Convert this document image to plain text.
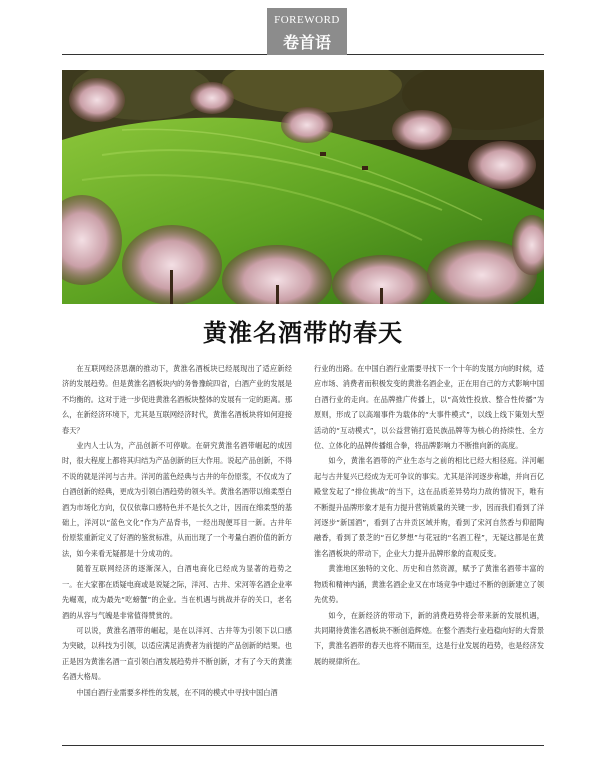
FOREWORD
卷首语
黄淮名酒带的春天

在互联网经济思潮的推动下，黄淮名酒板块已经展现出了适应新经济的发展趋势。但是黄淮名酒板块内的务鲁豫皖四省，白酒产业的发展是不均衡的。这对于进一步促进黄淮名酒板块整体的发展有一定的距离。那么，在新经济环境下，尤其是互联网经济时代，黄淮名酒板块将如何迎接春天？

业内人士认为，产品创新不可停歇。在研究黄淮名酒带崛起的成因时，很大程度上都将其归结为产品创新的巨大作用。说起产品创新，不得不说的就是洋河与古井。洋河的蓝色经典与古井的年份原浆，不仅成为了白酒创新的经典，更成为引领白酒趋势的领头羊。黄淮名酒带以绵柔型白酒为市场化方向，仅仅依靠口感特色并不是长久之计，因而在绵柔型的基础上，洋河以“蓝色文化”作为产品背书，一经出现便耳目一新。古井年份原浆重新定义了好酒的鉴赏标准，从而出现了一个考量白酒价值的新方法，如今来看无疑都是十分成功的。

随着互联网经济的逐渐深入，白酒电商化已经成为显著的趋势之一。在大家都在质疑电商或是说疑之际，洋河、古井、宋河等名酒企业率先崛观，成为最先“吃螃蟹”的企业。当在机遇与挑战并存的关口，老名酒的从容与气魄是非常值得赞赏的。

可以说，黄淮名酒带的崛起，是在以洋河、古井等为引领下以口感为突破，以科技为引领，以适应满足消费者为前提的产品创新的结果。也正是因为黄淮名酒一直引领白酒发展趋势并不断创新，才有了今天的黄淮名酒大格局。

中国白酒行业需要多样性的发展，在不同的模式中寻找中国白酒

行业的出路。在中国白酒行业需要寻找下一个十年的发展方向的时候，适应市场、消费者而积极发变的黄淮名酒企业，正在用自己的方式影响中国白酒行业的走向。在品牌推广传播上，以“高效性投放、整合性传播”为原则，形成了以高端事件为载体的“大事件模式”，以线上线下策划大型活动的“互动模式”，以公益营销打造民族品牌等为核心的持续性、全方位、立体化的品牌传播组合拳，将品牌影响力不断推向新的高度。

如今，黄淮名酒带的产业生态与之前的相比已经大相径庭。洋河崛起与古井复兴已经成为无可争议的事实。尤其是洋河逐步称雄，并向百亿殿堂发起了“排位挑战”的当下，这在品质差异势均力敌的情况下，唯有不断提升品牌形象才是有力提升营销质量的关键一步，因而我们看到了洋河逐步“新国酒”，看到了古井贡区域并购，看到了宋河自然香与仰韶陶融香，看到了景芝的“百亿梦想”与花冠的“名酒工程”，无疑这都是在黄淮名酒板块的带动下，企业大力提升品牌形象的直观反变。

黄淮地区独特的文化、历史和自然资源，赋予了黄淮名酒带丰富的物质和精神内涵，黄淮名酒企业又在市场竞争中通过不断的创新建立了领先优势。

如今，在新经济的带动下，新的消费趋势将会带来新的发展机遇，共同期待黄淮名酒板块不断创造辉煌。在整个酒类行业趋稳向好的大背景下，黄淮名酒带的春天也将不期而至，这是行业发展的趋势，也是经济发展的规律所在。
